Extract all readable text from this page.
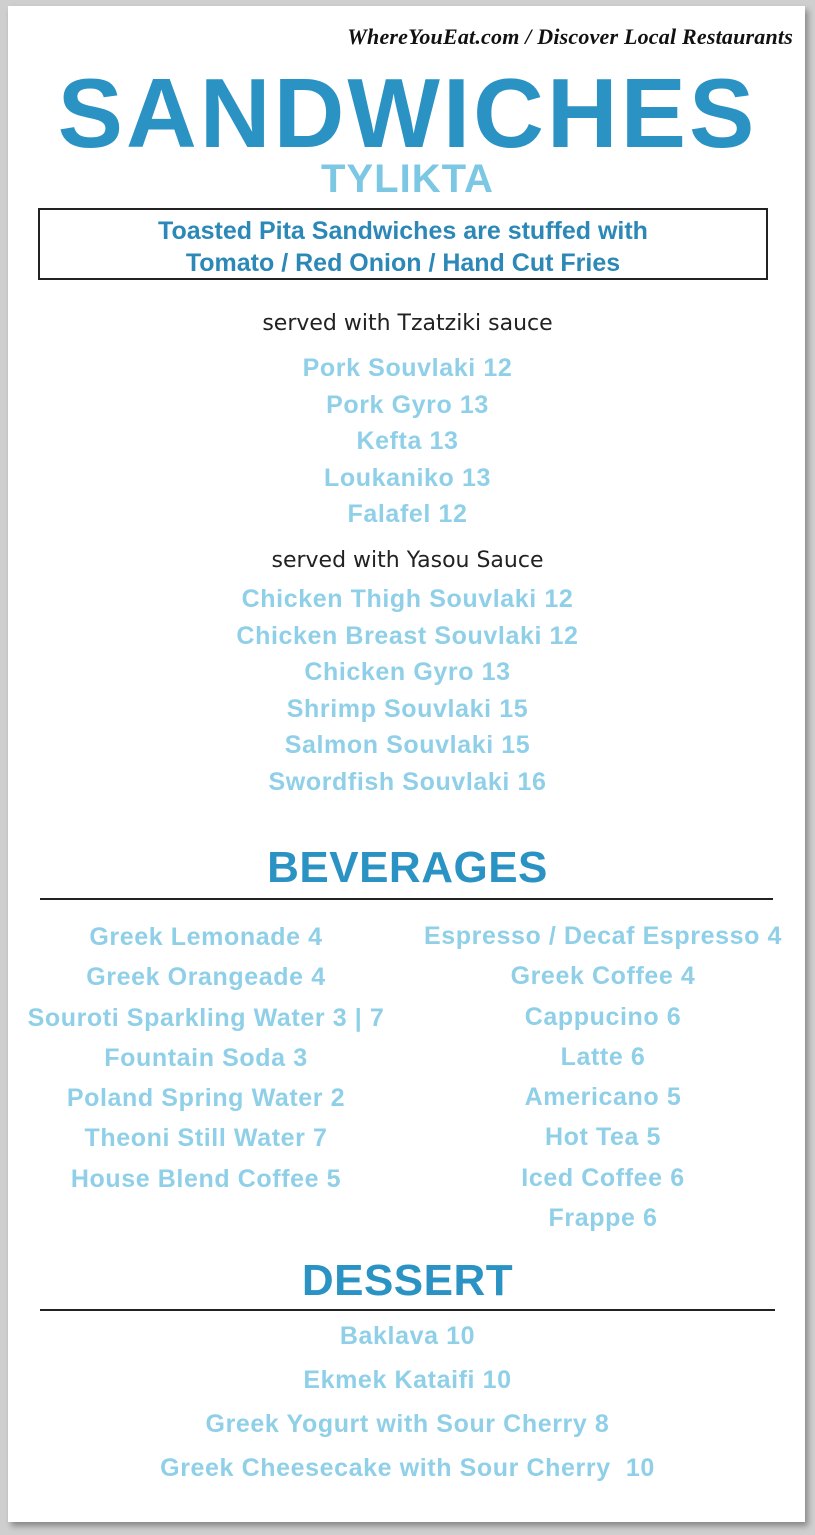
WhereYouEat.com / Discover Local Restaurants
SANDWICHES
TYLIKTA
Toasted Pita Sandwiches are stuffed with
Tomato / Red Onion / Hand Cut Fries
served with Tzatziki sauce
Pork Souvlaki 12
Pork Gyro 13
Kefta 13
Loukaniko 13
Falafel 12
served with Yasou Sauce
Chicken Thigh Souvlaki 12
Chicken Breast Souvlaki 12
Chicken Gyro 13
Shrimp Souvlaki 15
Salmon Souvlaki 15
Swordfish Souvlaki 16
BEVERAGES
Greek Lemonade 4
Greek Orangeade 4
Souroti Sparkling Water 3 | 7
Fountain Soda 3
Poland Spring Water 2
Theoni Still Water 7
House Blend Coffee 5
Espresso / Decaf Espresso 4
Greek Coffee 4
Cappucino 6
Latte 6
Americano 5
Hot Tea 5
Iced Coffee 6
Frappe 6
DESSERT
Baklava 10
Ekmek Kataifi 10
Greek Yogurt with Sour Cherry 8
Greek Cheesecake with Sour Cherry  10
